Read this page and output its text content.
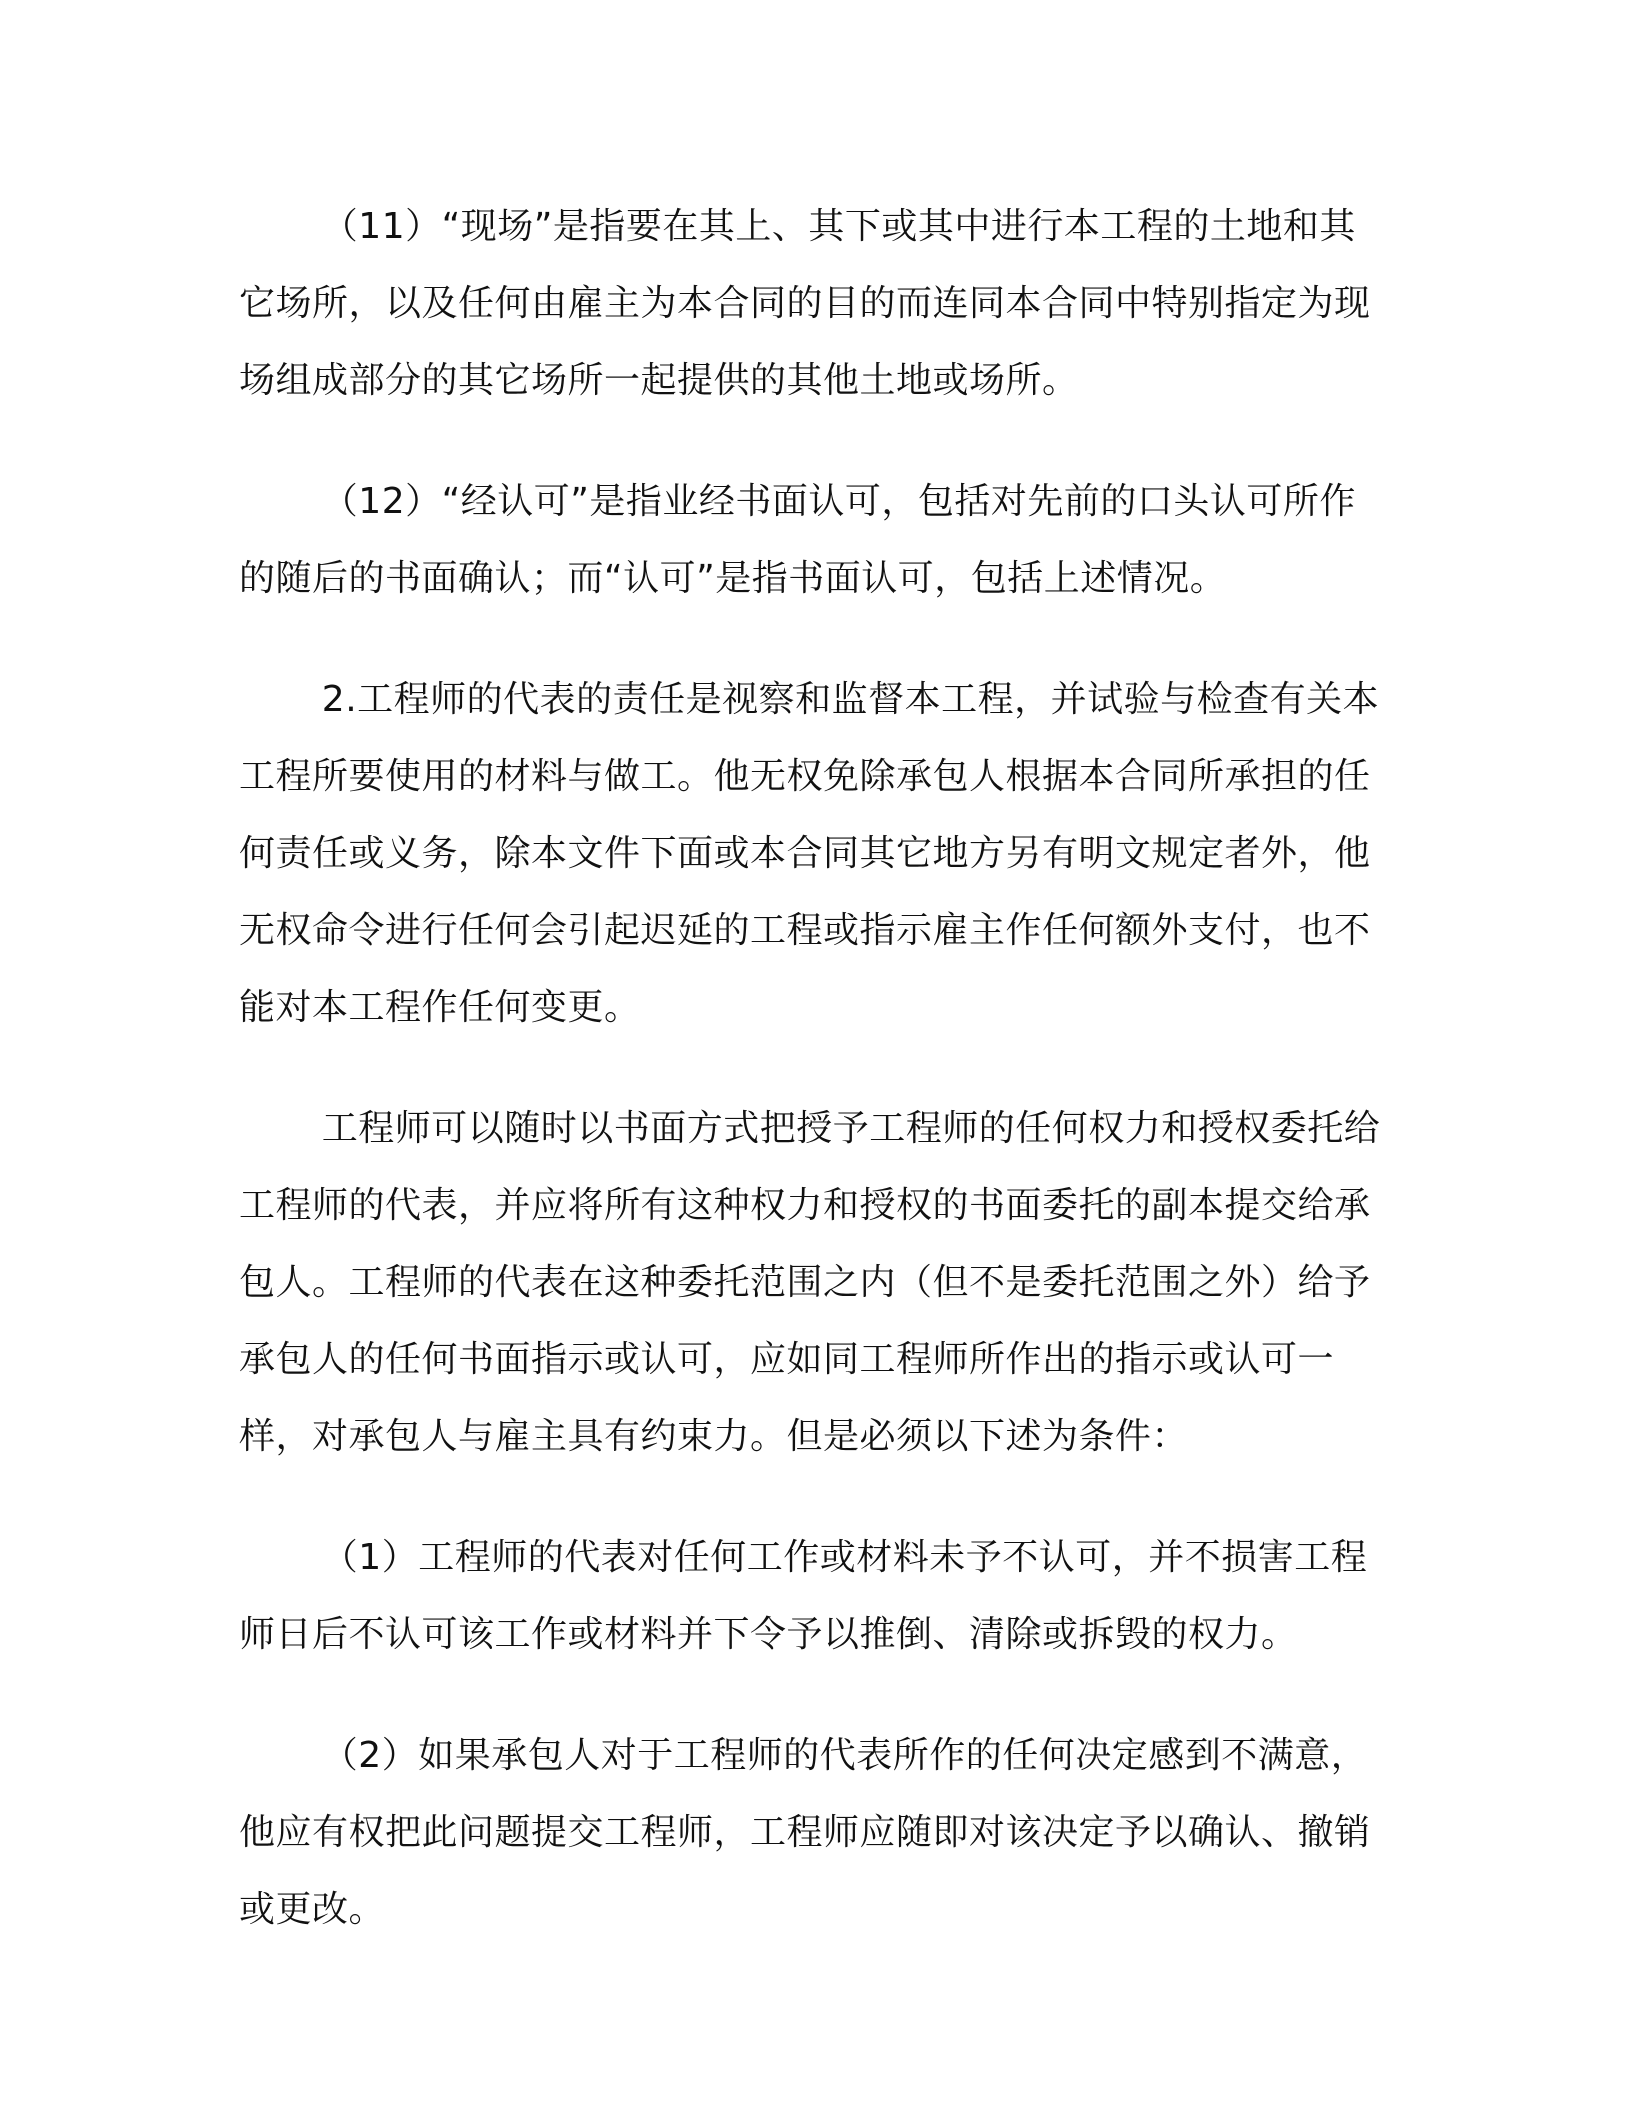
（11）“现场”是指要在其上、其下或其中进行本工程的土地和其它场所，以及任何由雇主为本合同的目的而连同本合同中特别指定为现场组成部分的其它场所一起提供的其他土地或场所。

（12）“经认可”是指业经书面认可，包括对先前的口头认可所作的随后的书面确认；而“认可”是指书面认可，包括上述情况。

2.工程师的代表的责任是视察和监督本工程，并试验与检查有关本工程所要使用的材料与做工。他无权免除承包人根据本合同所承担的任何责任或义务，除本文件下面或本合同其它地方另有明文规定者外，他无权命令进行任何会引起迟延的工程或指示雇主作任何额外支付，也不能对本工程作任何变更。

工程师可以随时以书面方式把授予工程师的任何权力和授权委托给工程师的代表，并应将所有这种权力和授权的书面委托的副本提交给承包人。工程师的代表在这种委托范围之内（但不是委托范围之外）给予承包人的任何书面指示或认可，应如同工程师所作出的指示或认可一样，对承包人与雇主具有约束力。但是必须以下述为条件：

（1）工程师的代表对任何工作或材料未予不认可，并不损害工程师日后不认可该工作或材料并下令予以推倒、清除或拆毁的权力。

（2）如果承包人对于工程师的代表所作的任何决定感到不满意，他应有权把此问题提交工程师，工程师应随即对该决定予以确认、撤销或更改。
